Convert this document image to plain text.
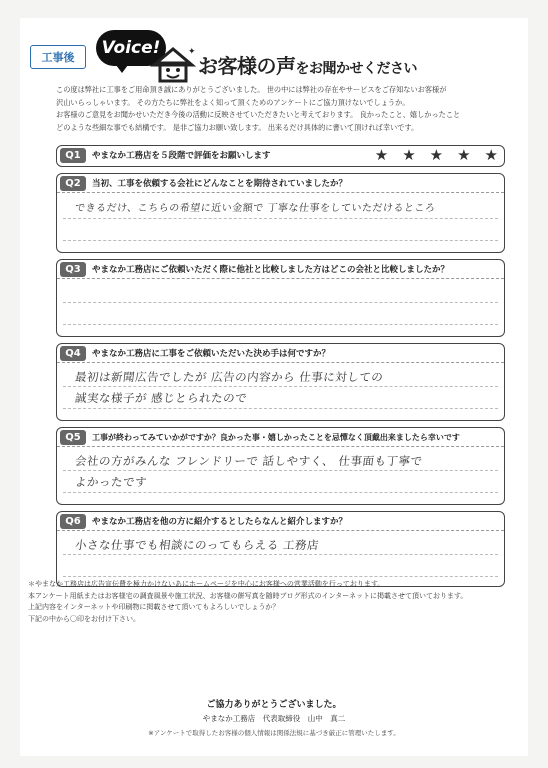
工事後	Voice!	✦
お客様の声をお聞かせください

この度は弊社に工事をご用命頂き誠にありがとうございました。 世の中には弊社の存在やサービスをご存知ないお客様が

沢山いらっしゃいます。 その方たちに弊社をよく知って頂くためのアンケートにご協力頂けないでしょうか。

お客様のご意見をお聞かせいただき今後の活動に反映させていただきたいと考えております。 良かったこと、嬉しかったこと

どのような些細な事でも結構です。 是非ご協力お願い致します。 出来るだけ具体的に書いて頂ければ幸いです。

Q1	やまなか工務店を５段階で評価をお願いします	★ ★ ★ ★ ★
Q2	当初、工事を依頼する会社にどんなことを期待されていましたか？
できるだけ、こちらの希望に近い金額で 丁寧な仕事をしていただけるところ
Q3	やまなか工務店にご依頼いただく際に他社と比較しました方はどこの会社と比較しましたか？
Q4	やまなか工務店に工事をご依頼いただいた決め手は何ですか？
最初は新聞広告でしたが 広告の内容から 仕事に対しての
誠実な様子が 感じとられたので
Q5	工事が終わってみていかがですか？良かった事・嬉しかったことを忌憚なく頂戴出来ましたら幸いです
会社の方がみんな フレンドリーで 話しやすく、 仕事面も丁寧で
よかったです
Q6	やまなか工務店を他の方に紹介するとしたらなんと紹介しますか？
小さな仕事でも相談にのってもらえる 工務店

＊やまなか工務店は広告宣伝費を極力かけないあにホームページを中心にお客様への営業活動を行っております。

本アンケート用紙またはお客様宅の調査風景や施工状況、お客様の餅写真を随時ブログ形式のインターネットに掲載させて頂いております。

上記内容をインターネットや印刷物に掲載させて頂いてもよろしいでしょうか？

下記の中から〇印をお付け下さい。

ご協力ありがとうございました。
やまなか工務店　代表取締役　山中　真二
※アンケートで取得したお客様の個人情報は関係法規に基づき厳正に管理いたします。
